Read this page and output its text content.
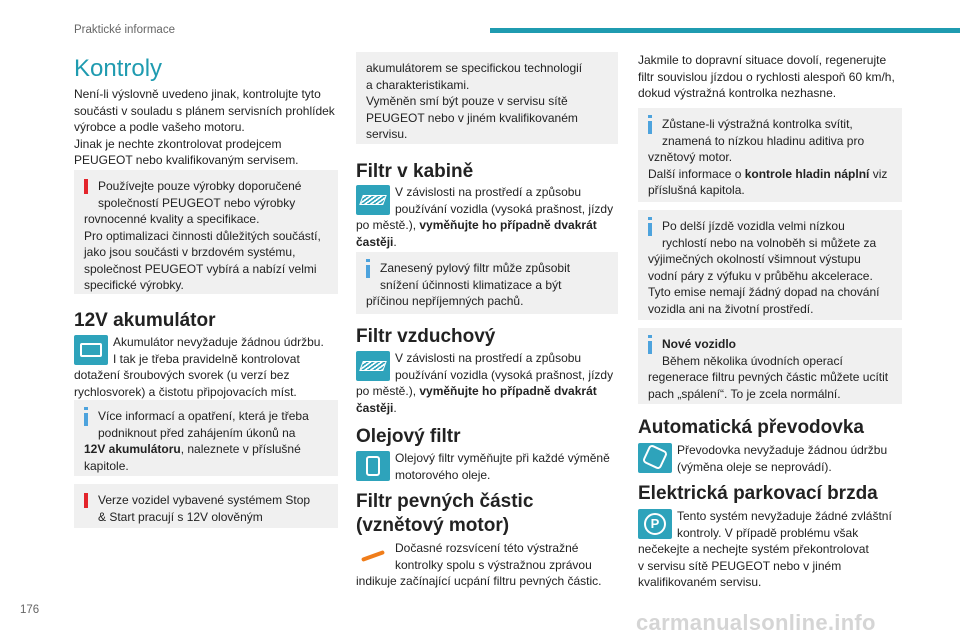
Praktické informace
Kontroly
Není-li výslovně uvedeno jinak, kontrolujte tyto
součásti v souladu s plánem servisních prohlídek
výrobce a podle vašeho motoru.
Jinak je nechte zkontrolovat prodejcem
PEUGEOT nebo kvalifikovaným servisem.
Používejte pouze výrobky doporučené
společností PEUGEOT nebo výrobky
rovnocenné kvality a specifikace.
Pro optimalizaci činnosti důležitých součástí,
jako jsou součásti v brzdovém systému,
společnost PEUGEOT vybírá a nabízí velmi
specifické výrobky.
12V akumulátor
Akumulátor nevyžaduje žádnou údržbu.
I tak je třeba pravidelně kontrolovat
dotažení šroubových svorek (u verzí bez
rychlosvorek) a čistotu připojovacích míst.
Více informací a opatření, která je třeba
podniknout před zahájením úkonů na
12V akumulátoru, naleznete v příslušné
kapitole.
Verze vozidel vybavené systémem Stop
& Start pracují s 12V olověným
akumulátorem se specifickou technologií
a charakteristikami.
Vyměněn smí být pouze v servisu sítě
PEUGEOT nebo v jiném kvalifikovaném
servisu.
Filtr v kabině
V závislosti na prostředí a způsobu
používání vozidla (vysoká prašnost, jízdy
po městě.), vyměňujte ho případně dvakrát
častěji.
Zanesený pylový filtr může způsobit
snížení účinnosti klimatizace a být
příčinou nepříjemných pachů.
Filtr vzduchový
V závislosti na prostředí a způsobu
používání vozidla (vysoká prašnost, jízdy
po městě.), vyměňujte ho případně dvakrát
častěji.
Olejový filtr
Olejový filtr vyměňujte při každé výměně
motorového oleje.
Filtr pevných částic
(vznětový motor)
Dočasné rozsvícení této výstražné
kontrolky spolu s výstražnou zprávou
indikuje začínající ucpání filtru pevných částic.
Jakmile to dopravní situace dovolí, regenerujte
filtr souvislou jízdou o rychlosti alespoň 60 km/h,
dokud výstražná kontrolka nezhasne.
Zůstane-li výstražná kontrolka svítit,
znamená to nízkou hladinu aditiva pro
vznětový motor.
Další informace o kontrole hladin náplní viz
příslušná kapitola.
Po delší jízdě vozidla velmi nízkou
rychlostí nebo na volnoběh si můžete za
výjimečných okolností všimnout výstupu
vodní páry z výfuku v průběhu akcelerace.
Tyto emise nemají žádný dopad na chování
vozidla ani na životní prostředí.
Nové vozidlo
Během několika úvodních operací
regenerace filtru pevných částic můžete ucítit
pach „spálení“. To je zcela normální.
Automatická převodovka
Převodovka nevyžaduje žádnou údržbu
(výměna oleje se neprovádí).
Elektrická parkovací brzda
P	Tento systém nevyžaduje žádné zvláštní
kontroly. V případě problému však
nečekejte a nechejte systém překontrolovat
v servisu sítě PEUGEOT nebo v jiném
kvalifikovaném servisu.
176	carmanualsonline.info
